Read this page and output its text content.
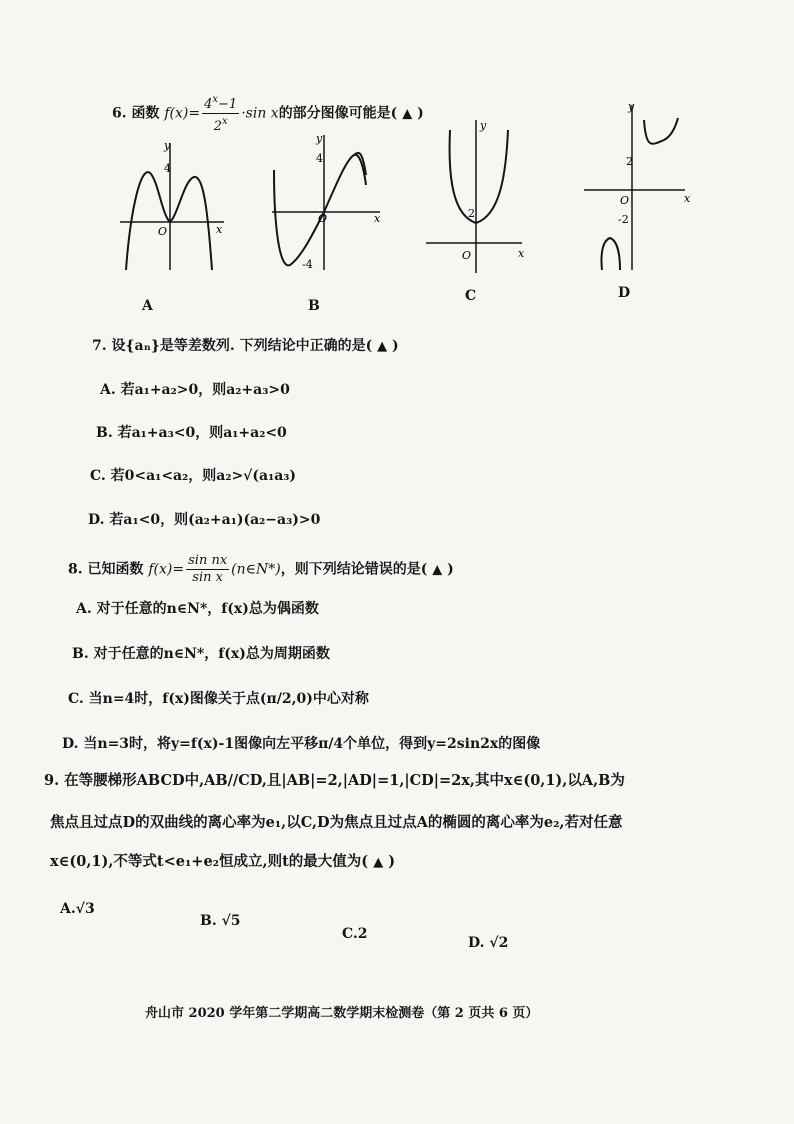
6. 函数 $f(x)= \frac{4^x-1}{2^x} \cdot\sin$ x的部分图像可能是( ▲ )
y
4
O	x
A
y
4
-4
O	x
B
y
2
O	x
C
y
2
-2
O	x
D
7. 设{aₙ}是等差数列. 下列结论中正确的是( ▲ )
A. 若a₁+a₂>0，则a₂+a₃>0
B. 若a₁+a₃<0，则a₁+a₂<0
C. 若0<a₁<a₂，则a₂>√(a₁a₃)
D. 若a₁<0，则(a₂+a₁)(a₂−a₃)>0
8. 已知函数 $f(x)= \frac{\text{sin nx}}{\text{sin x}}$ (n∈N*)，则下列结论错误的是( ▲ )
A. 对于任意的n∈N*，f(x)总为偶函数
B. 对于任意的n∈N*，f(x)总为周期函数
C. 当n=4时，f(x)图像关于点(π/2,0)中心对称
D. 当n=3时，将y=f(x)-1图像向左平移π/4个单位，得到y=2sin2x的图像
9. 在等腰梯形ABCD中,AB//CD,且|AB|=2,|AD|=1,|CD|=2x,其中x∈(0,1),以A,B为
焦点且过点D的双曲线的离心率为e₁,以C,D为焦点且过点A的椭圆的离心率为e₂,若对任意
x∈(0,1),不等式t<e₁+e₂恒成立,则t的最大值为( ▲ )
A.√3
B. √5
C.2
D. √2
舟山市 2020 学年第二学期高二数学期末检测卷（第 2 页共 6 页）
